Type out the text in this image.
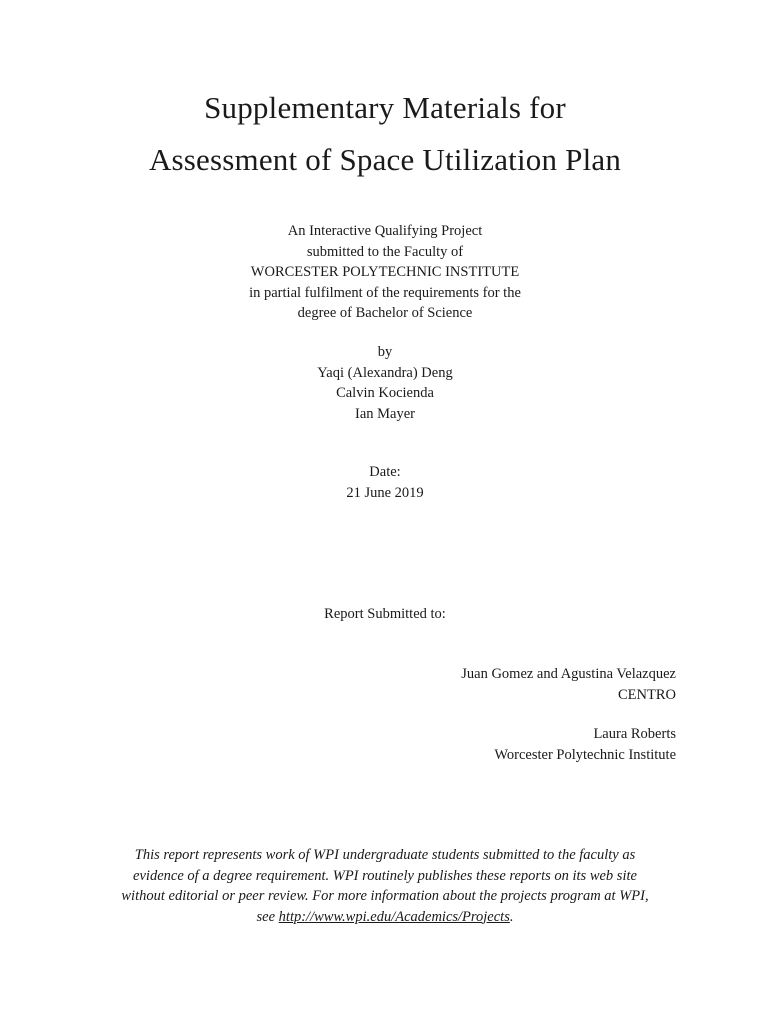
Supplementary Materials for
Assessment of Space Utilization Plan
An Interactive Qualifying Project
submitted to the Faculty of
WORCESTER POLYTECHNIC INSTITUTE
in partial fulfilment of the requirements for the
degree of Bachelor of Science
by
Yaqi (Alexandra) Deng
Calvin Kocienda
Ian Mayer
Date:
21 June 2019
Report Submitted to:
Juan Gomez and Agustina Velazquez
CENTRO
Laura Roberts
Worcester Polytechnic Institute
This report represents work of WPI undergraduate students submitted to the faculty as
evidence of a degree requirement. WPI routinely publishes these reports on its web site
without editorial or peer review. For more information about the projects program at WPI,
see http://www.wpi.edu/Academics/Projects.
